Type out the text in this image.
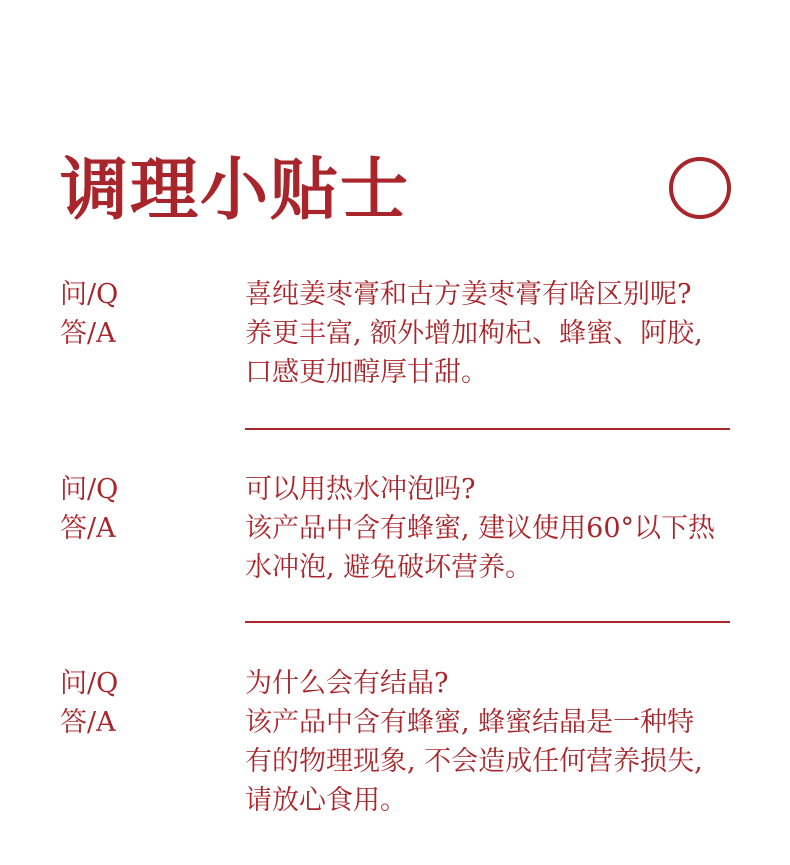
调理小贴士
问/Q	喜纯姜枣膏和古方姜枣膏有啥区别呢?
答/A	养更丰富, 额外增加枸杞、蜂蜜、阿胶,
口感更加醇厚甘甜。
问/Q	可以用热水冲泡吗?
答/A	该产品中含有蜂蜜, 建议使用60°以下热
水冲泡, 避免破坏营养。
问/Q	为什么会有结晶?
答/A	该产品中含有蜂蜜, 蜂蜜结晶是一种特
有的物理现象, 不会造成任何营养损失,
请放心食用。
